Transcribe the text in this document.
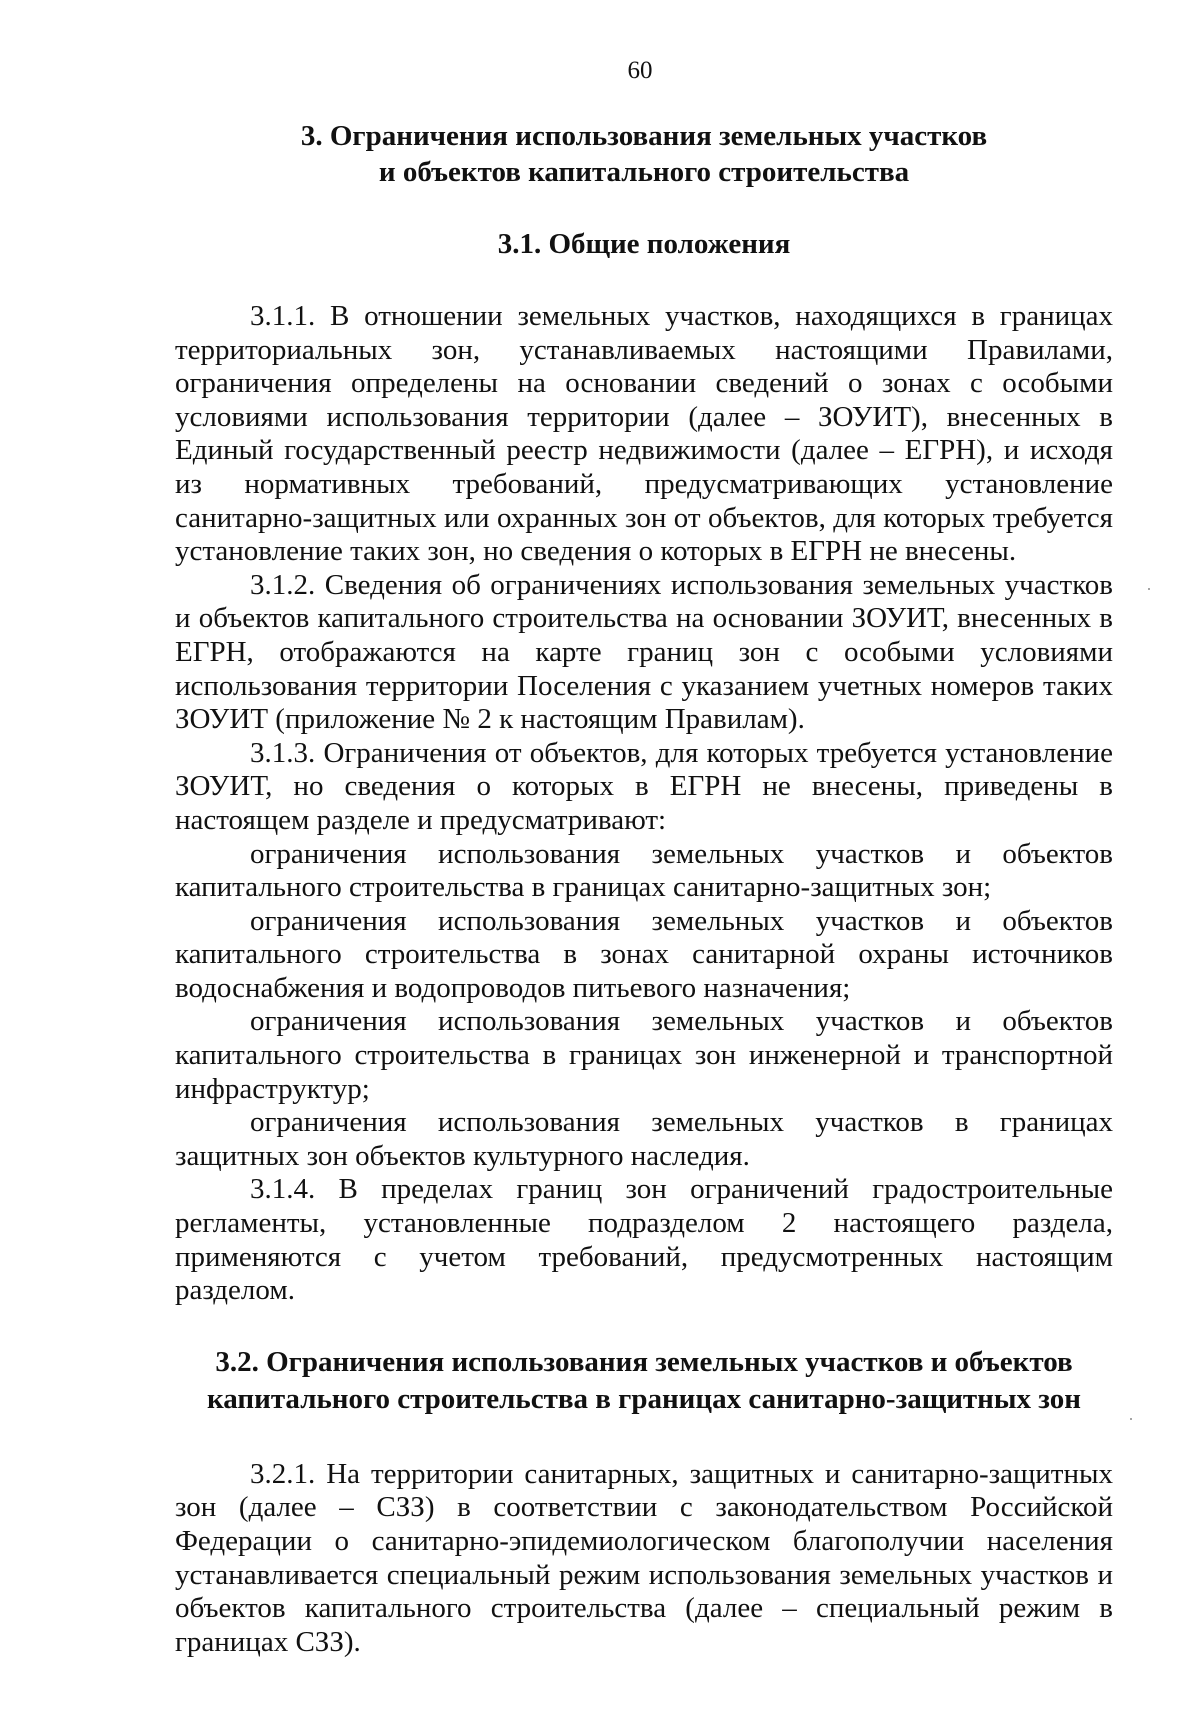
60
3. Ограничения использования земельных участков
и объектов капитального строительства
3.1. Общие положения

3.1.1. В отношении земельных участков, находящихся в границах территориальных зон, устанавливаемых настоящими Правилами, ограничения определены на основании сведений о зонах с особыми условиями использования территории (далее – ЗОУИТ), внесенных в Единый государственный реестр недвижимости (далее – ЕГРН), и исходя из нормативных требований, предусматривающих установление санитарно-защитных или охранных зон от объектов, для которых требуется установление таких зон, но сведения о которых в ЕГРН не внесены.

3.1.2. Сведения об ограничениях использования земельных участков и объектов капитального строительства на основании ЗОУИТ, внесенных в ЕГРН, отображаются на карте границ зон с особыми условиями использования территории Поселения с указанием учетных номеров таких ЗОУИТ (приложение № 2 к настоящим Правилам).

3.1.3. Ограничения от объектов, для которых требуется установление ЗОУИТ, но сведения о которых в ЕГРН не внесены, приведены в настоящем разделе и предусматривают:

ограничения использования земельных участков и объектов капитального строительства в границах санитарно-защитных зон;

ограничения использования земельных участков и объектов капитального строительства в зонах санитарной охраны источников водоснабжения и водопроводов питьевого назначения;

ограничения использования земельных участков и объектов капитального строительства в границах зон инженерной и транспортной инфраструктур;

ограничения использования земельных участков в границах защитных зон объектов культурного наследия.

3.1.4. В пределах границ зон ограничений градостроительные регламенты, установленные подразделом 2 настоящего раздела, применяются с учетом требований, предусмотренных настоящим разделом.

3.2. Ограничения использования земельных участков и объектов
капитального строительства в границах санитарно-защитных зон

3.2.1. На территории санитарных, защитных и санитарно-защитных зон (далее – СЗЗ) в соответствии с законодательством Российской Федерации о санитарно-эпидемиологическом благополучии населения устанавливается специальный режим использования земельных участков и объектов капитального строительства (далее – специальный режим в границах СЗЗ).
